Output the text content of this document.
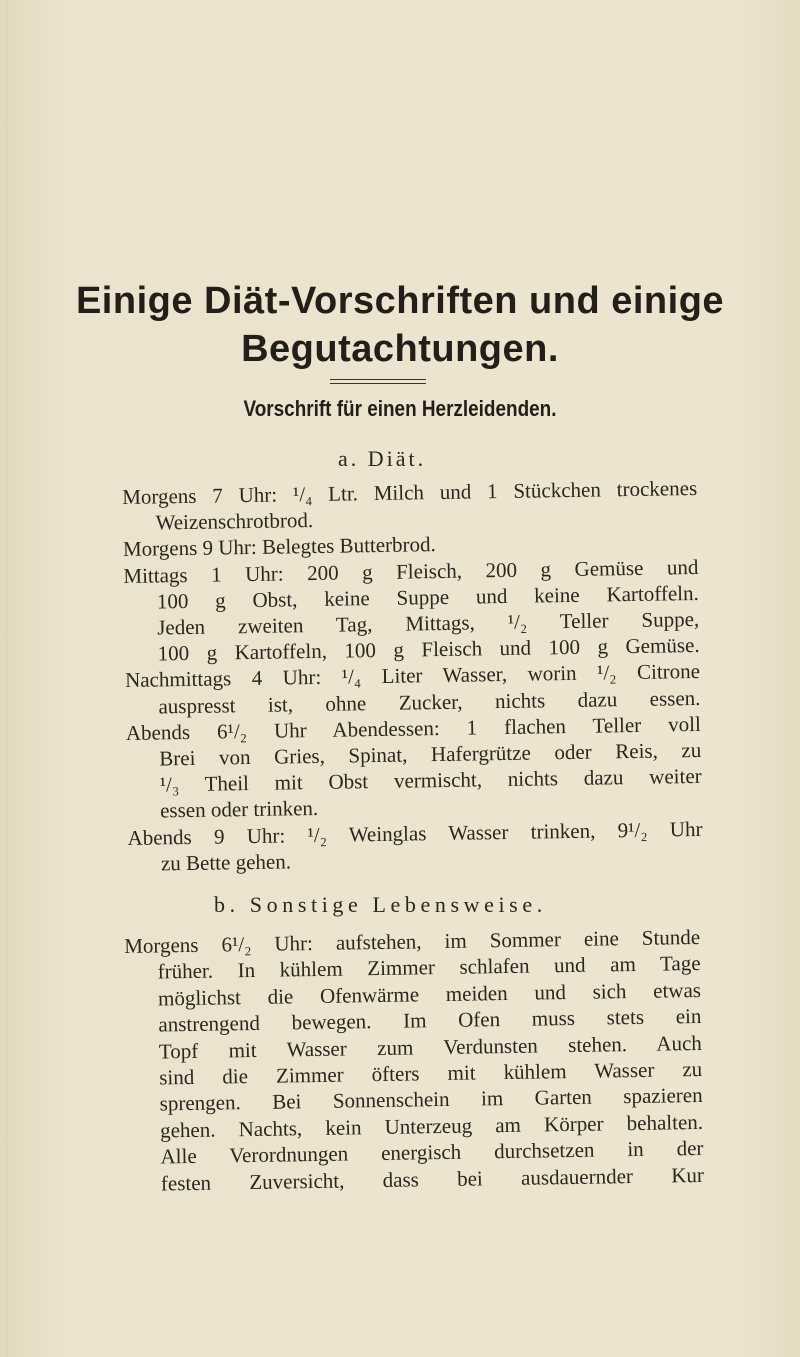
Einige Diät-Vorschriften und einige
Begutachtungen.
Vorschrift für einen Herzleidenden.
a. Diät.
Morgens 7 Uhr: ¹/₄ Ltr. Milch und 1 Stückchen trockenes
Weizenschrotbrod.
Morgens 9 Uhr: Belegtes Butterbrod.
Mittags 1 Uhr: 200 g Fleisch, 200 g Gemüse und
100 g Obst, keine Suppe und keine Kartoffeln.
Jeden zweiten Tag, Mittags, ¹/₂ Teller Suppe,
100 g Kartoffeln, 100 g Fleisch und 100 g Gemüse.
Nachmittags 4 Uhr: ¹/₄ Liter Wasser, worin ¹/₂ Citrone
auspresst ist, ohne Zucker, nichts dazu essen.
Abends 6¹/₂ Uhr Abendessen: 1 flachen Teller voll
Brei von Gries, Spinat, Hafergrütze oder Reis, zu
¹/₃ Theil mit Obst vermischt, nichts dazu weiter
essen oder trinken.
Abends 9 Uhr: ¹/₂ Weinglas Wasser trinken, 9¹/₂ Uhr
zu Bette gehen.
b. Sonstige Lebensweise.
Morgens 6¹/₂ Uhr: aufstehen, im Sommer eine Stunde
früher. In kühlem Zimmer schlafen und am Tage
möglichst die Ofenwärme meiden und sich etwas
anstrengend bewegen. Im Ofen muss stets ein
Topf mit Wasser zum Verdunsten stehen. Auch
sind die Zimmer öfters mit kühlem Wasser zu
sprengen. Bei Sonnenschein im Garten spazieren
gehen. Nachts, kein Unterzeug am Körper behalten.
Alle Verordnungen energisch durchsetzen in der
festen Zuversicht, dass bei ausdauernder Kur
